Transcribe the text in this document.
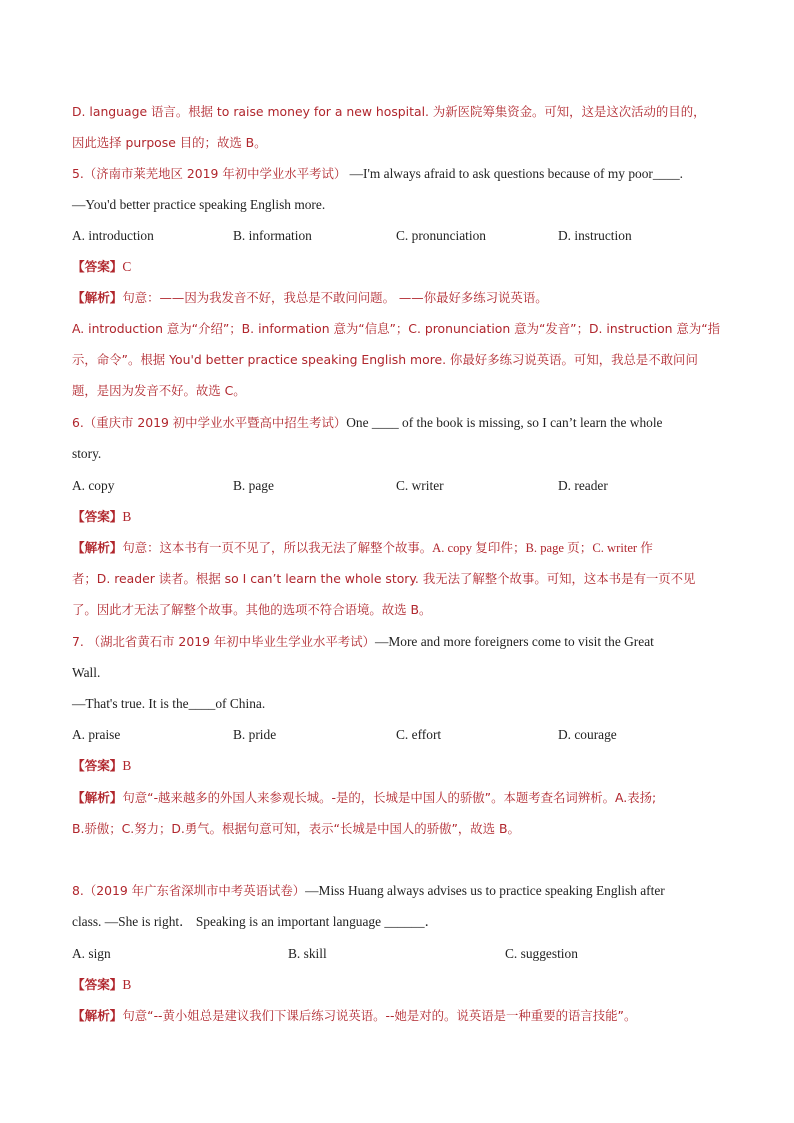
D. language 语言。根据 to raise money for a new hospital. 为新医院筹集资金。可知，这是这次活动的目的，
因此选择 purpose 目的；故选 B。
5.（济南市莱芜地区 2019 年初中学业水平考试） —I'm always afraid to ask questions because of my poor____.
—You'd better practice speaking English more.
A. introduction	B. information	C. pronunciation	D. instruction
【答案】C
【解析】句意：——因为我发音不好，我总是不敢问问题。 ——你最好多练习说英语。
A. introduction 意为“介绍”；B. information 意为“信息”；C. pronunciation 意为“发音”；D. instruction 意为“指
示，命令”。根据 You'd better practice speaking English more. 你最好多练习说英语。可知，我总是不敢问问
题，是因为发音不好。故选 C。
6.（重庆市 2019 初中学业水平暨高中招生考试）One ____ of the book is missing, so I can’t learn the whole
story.
A. copy	B. page	C. writer	D. reader
【答案】B
【解析】句意：这本书有一页不见了，所以我无法了解整个故事。A. copy 复印件；B. page 页；C. writer 作
者；D. reader 读者。根据 so I can’t learn the whole story. 我无法了解整个故事。可知，这本书是有一页不见
了。因此才无法了解整个故事。其他的选项不符合语境。故选 B。
7. （湖北省黄石市 2019 年初中毕业生学业水平考试）—More and more foreigners come to visit the Great
Wall.
—That's true. It is the____of China.
A. praise	B. pride	C. effort	D. courage
【答案】B
【解析】句意“-越来越多的外国人来参观长城。-是的，长城是中国人的骄傲”。本题考查名词辨析。A.表扬;
B.骄傲；C.努力；D.勇气。根据句意可知，表示“长城是中国人的骄傲”，故选 B。
8.（2019 年广东省深圳市中考英语试卷）—Miss Huang always advises us to practice speaking English after
class. —She is right． Speaking is an important language ______．
A. sign	B. skill	C. suggestion
【答案】B
【解析】句意“--黄小姐总是建议我们下课后练习说英语。--她是对的。说英语是一种重要的语言技能”。
